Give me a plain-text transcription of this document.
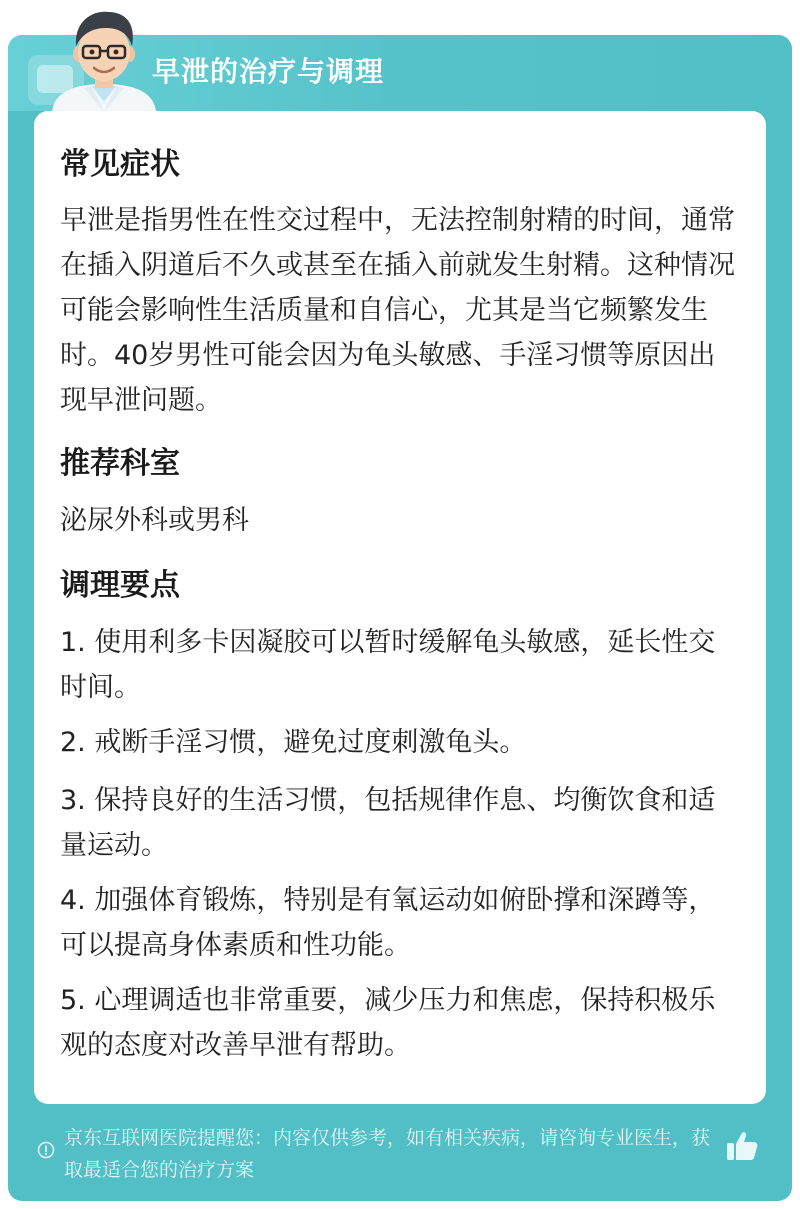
早泄的治疗与调理
常见症状
早泄是指男性在性交过程中，无法控制射精的时间，通常在插入阴道后不久或甚至在插入前就发生射精。这种情况可能会影响性生活质量和自信心，尤其是当它频繁发生时。40岁男性可能会因为龟头敏感、手淫习惯等原因出现早泄问题。
推荐科室
泌尿外科或男科
调理要点
1. 使用利多卡因凝胶可以暂时缓解龟头敏感，延长性交时间。
2. 戒断手淫习惯，避免过度刺激龟头。
3. 保持良好的生活习惯，包括规律作息、均衡饮食和适量运动。
4. 加强体育锻炼，特别是有氧运动如俯卧撑和深蹲等，可以提高身体素质和性功能。
5. 心理调适也非常重要，减少压力和焦虑，保持积极乐观的态度对改善早泄有帮助。
京东互联网医院提醒您：内容仅供参考，如有相关疾病，请咨询专业医生，获取最适合您的治疗方案
